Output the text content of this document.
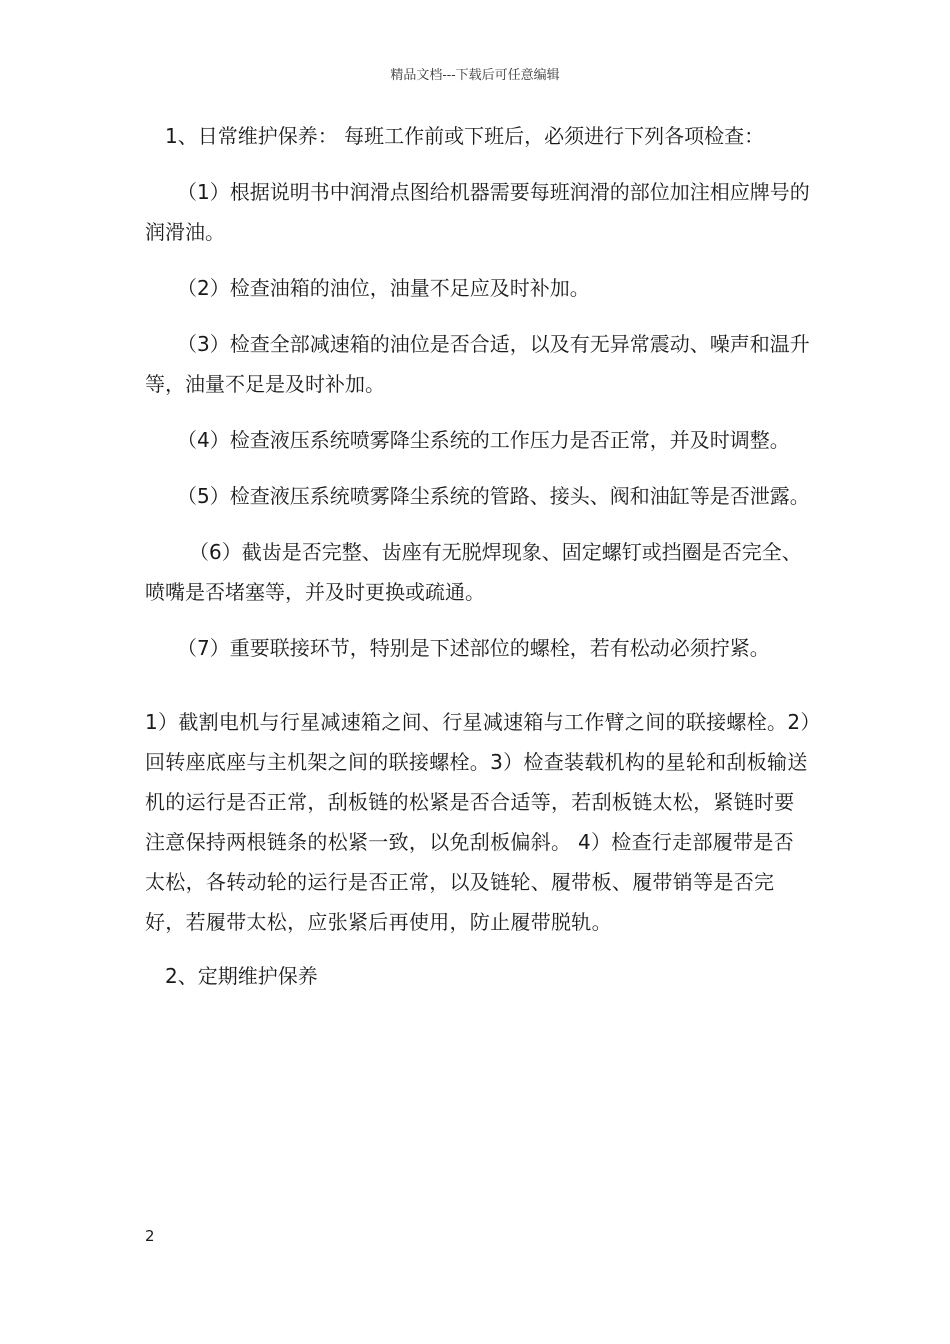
精品文档---下载后可任意编辑

1、日常维护保养： 每班工作前或下班后，必须进行下列各项检查：

（1）根据说明书中润滑点图给机器需要每班润滑的部位加注相应牌号的润滑油。

（2）检查油箱的油位，油量不足应及时补加。

（3）检查全部减速箱的油位是否合适，以及有无异常震动、噪声和温升等，油量不足是及时补加。

（4）检查液压系统喷雾降尘系统的工作压力是否正常，并及时调整。

（5）检查液压系统喷雾降尘系统的管路、接头、阀和油缸等是否泄露。

（6）截齿是否完整、齿座有无脱焊现象、固定螺钉或挡圈是否完全、喷嘴是否堵塞等，并及时更换或疏通。

（7）重要联接环节，特别是下述部位的螺栓，若有松动必须拧紧。

1）截割电机与行星减速箱之间、行星减速箱与工作臂之间的联接螺栓。2）回转座底座与主机架之间的联接螺栓。3）检查装载机构的星轮和刮板输送机的运行是否正常，刮板链的松紧是否合适等，若刮板链太松，紧链时要注意保持两根链条的松紧一致，以免刮板偏斜。 4）检查行走部履带是否太松，各转动轮的运行是否正常，以及链轮、履带板、履带销等是否完好，若履带太松，应张紧后再使用，防止履带脱轨。

2、定期维护保养

2
